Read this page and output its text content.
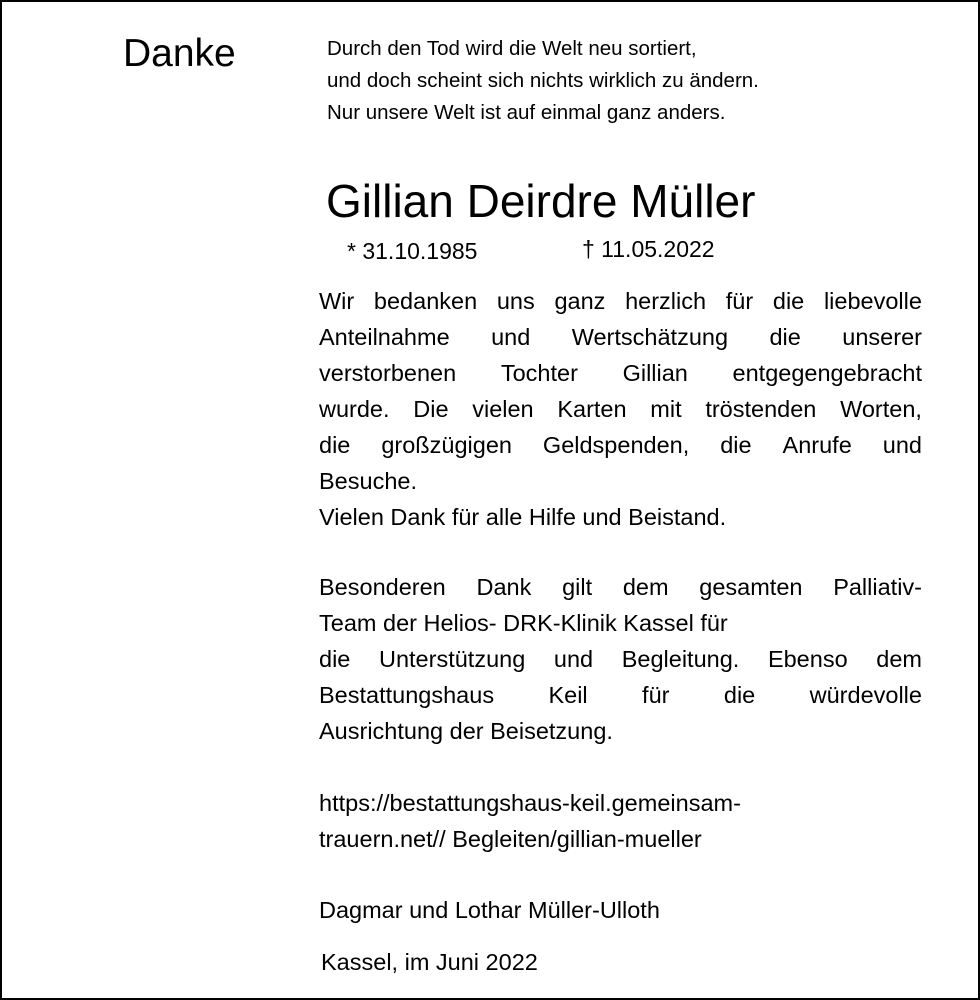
Danke	Durch den Tod wird die Welt neu sortiert,
und doch scheint sich nichts wirklich zu ändern.
Nur unsere Welt ist auf einmal ganz anders.
Gillian Deirdre Müller
* 31.10.1985	† 11.05.2022
Wir bedanken uns ganz herzlich für die liebevolle
Anteilnahme und Wertschätzung die unserer
verstorbenen Tochter Gillian entgegengebracht
wurde. Die vielen Karten mit tröstenden Worten,
die großzügigen Geldspenden, die Anrufe und
Besuche.
Vielen Dank für alle Hilfe und Beistand.
Besonderen Dank gilt dem gesamten Palliativ-
Team der Helios- DRK-Klinik Kassel für
die Unterstützung und Begleitung. Ebenso dem
Bestattungshaus Keil für die würdevolle
Ausrichtung der Beisetzung.
https://bestattungshaus-keil.gemeinsam-
trauern.net// Begleiten/gillian-mueller
Dagmar und Lothar Müller-Ulloth
Kassel, im Juni 2022
